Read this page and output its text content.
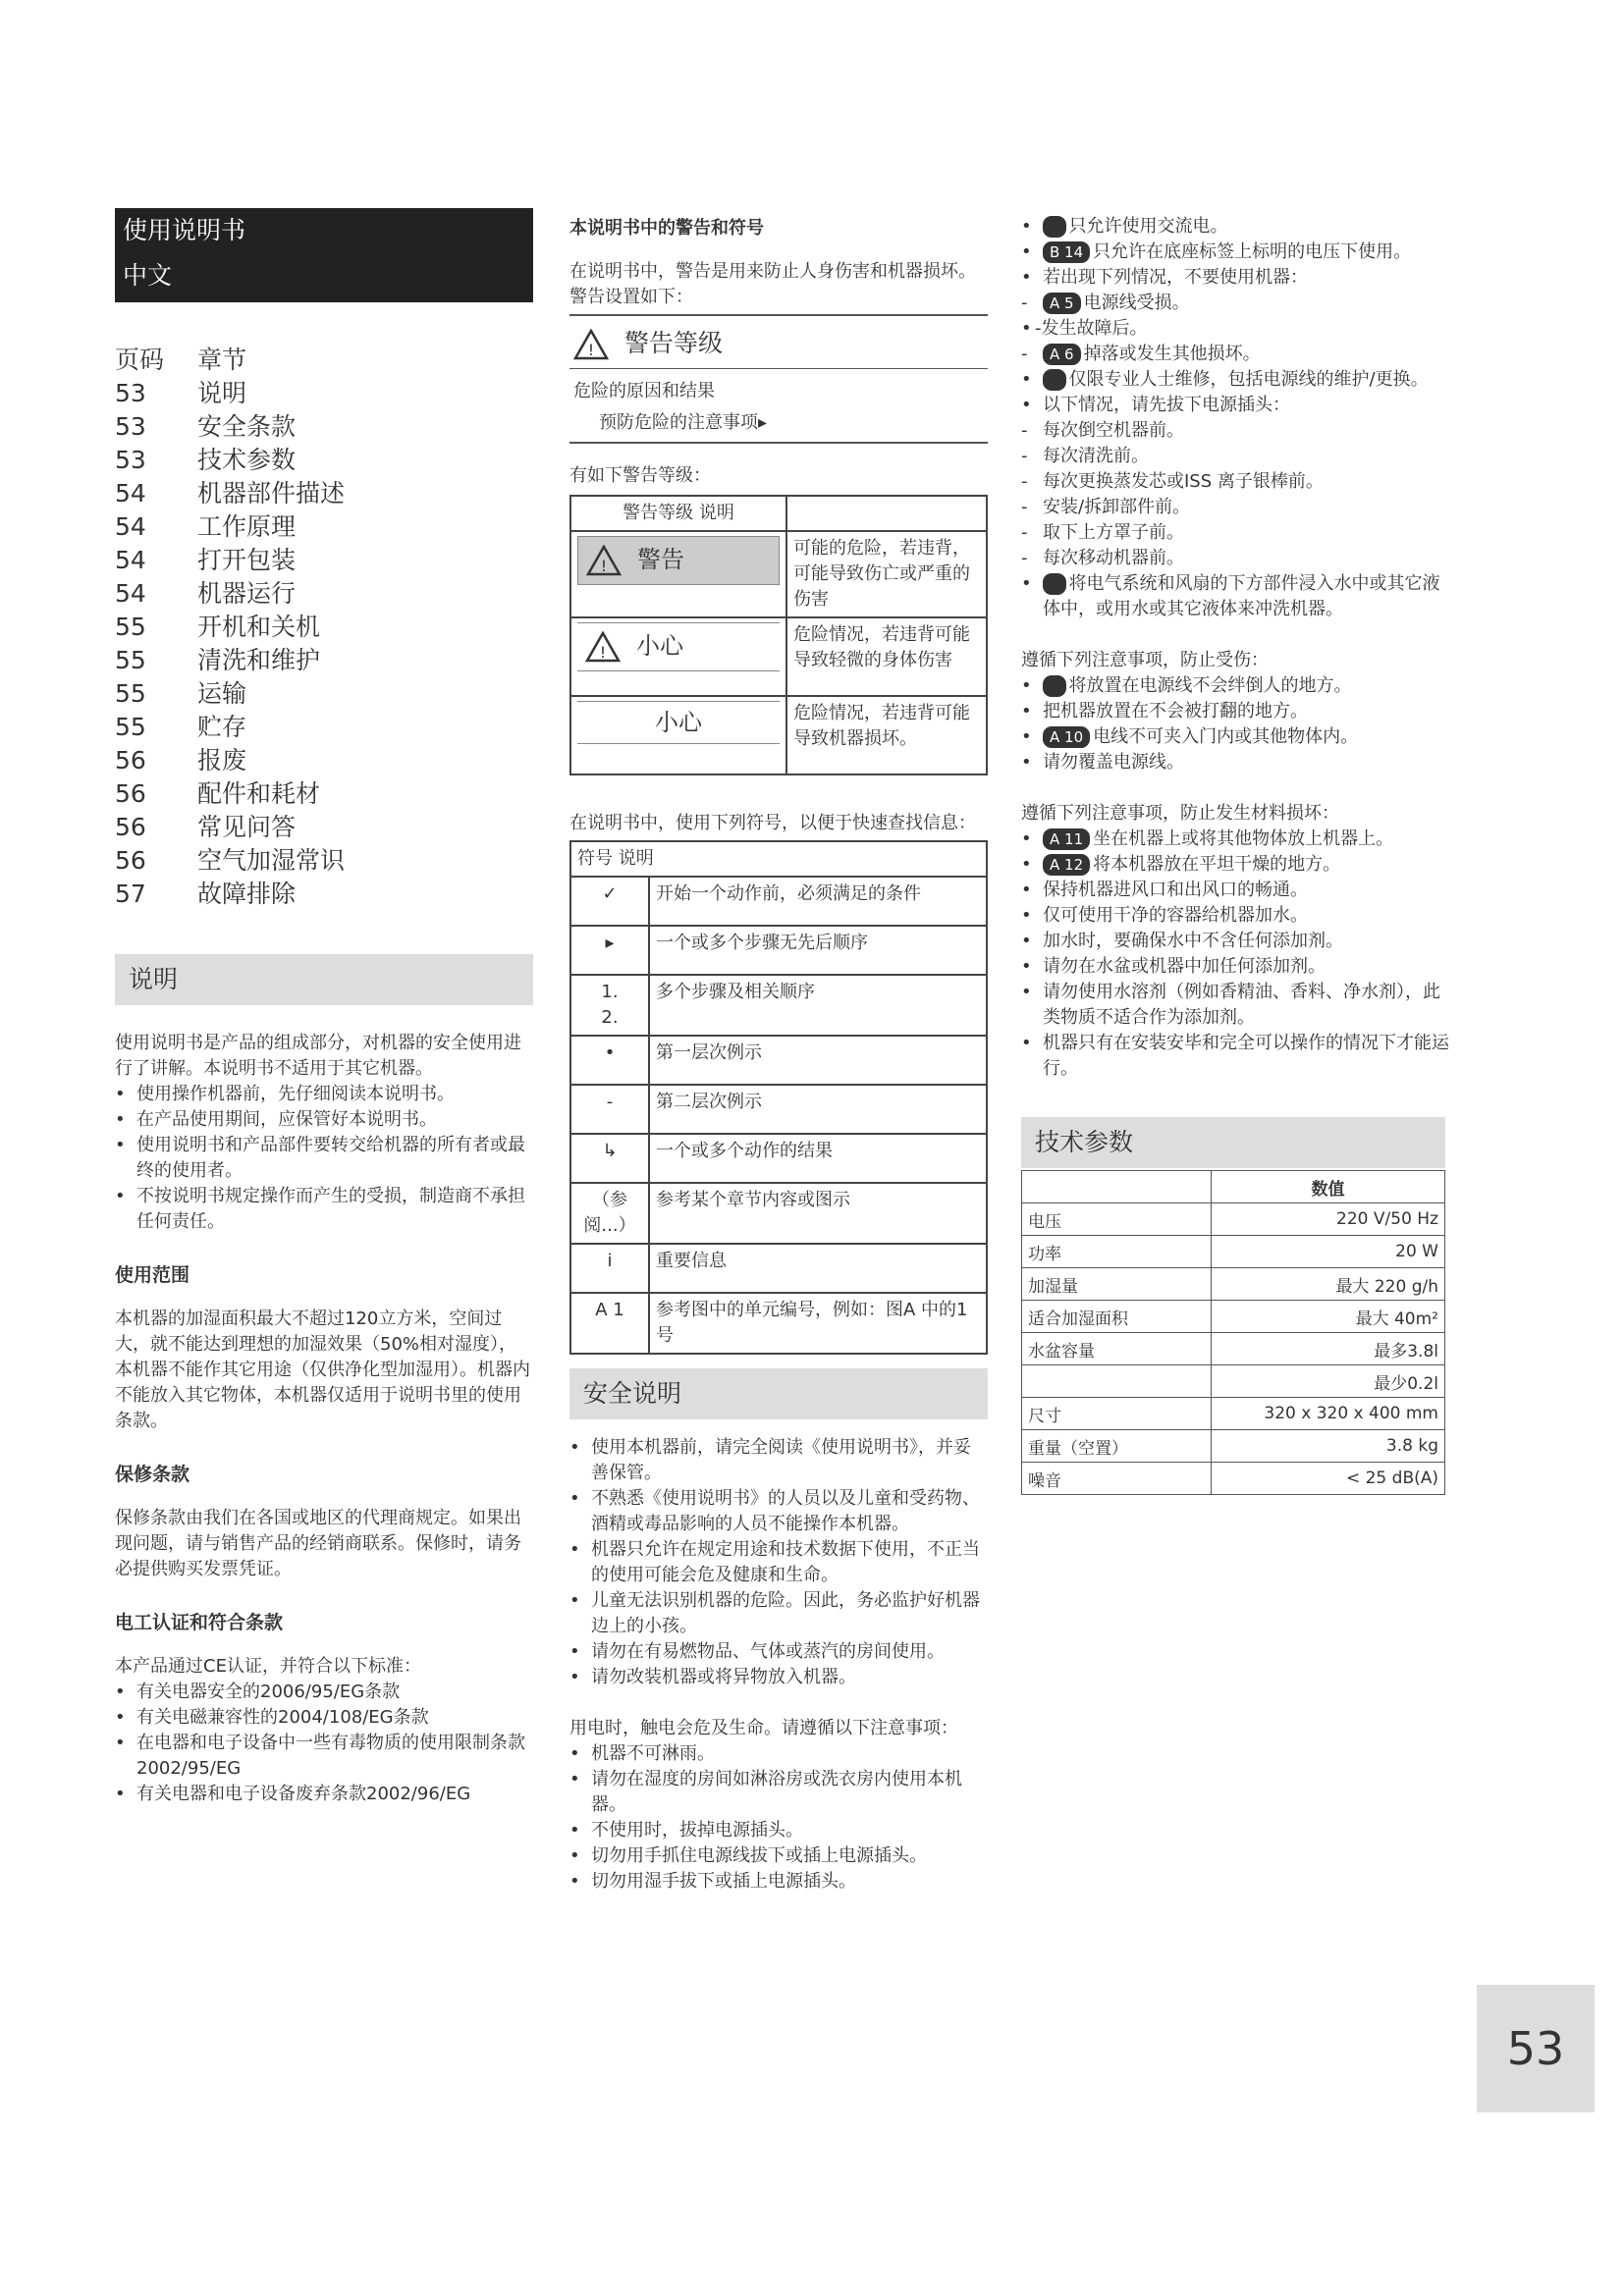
使用说明书
中文
页码	章节
53	说明
53	安全条款
53	技术参数
54	机器部件描述
54	工作原理
54	打开包装
54	机器运行
55	开机和关机
55	清洗和维护
55	运输
55	贮存
56	报废
56	配件和耗材
56	常见问答
56	空气加湿常识
57	故障排除
说明

使用说明书是产品的组成部分，对机器的安全使用进行了讲解。本说明书不适用于其它机器。

• 使用操作机器前，先仔细阅读本说明书。
• 在产品使用期间，应保管好本说明书。
• 使用说明书和产品部件要转交给机器的所有者或最终的使用者。
• 不按说明书规定操作而产生的受损，制造商不承担任何责任。
使用范围

本机器的加湿面积最大不超过120立方米，空间过大，就不能达到理想的加湿效果（50%相对湿度），本机器不能作其它用途（仅供净化型加湿用）。机器内不能放入其它物体，本机器仅适用于说明书里的使用条款。

保修条款

保修条款由我们在各国或地区的代理商规定。如果出现问题，请与销售产品的经销商联系。保修时，请务必提供购买发票凭证。

电工认证和符合条款

本产品通过CE认证，并符合以下标准：

• 有关电器安全的2006/95/EG条款
• 有关电磁兼容性的2004/108/EG条款
• 在电器和电子设备中一些有毒物质的使用限制条款2002/95/EG
• 有关电器和电子设备废弃条款2002/96/EG
本说明书中的警告和符号

在说明书中，警告是用来防止人身伤害和机器损坏。警告设置如下：

! 警告等级
危险的原因和结果
预防危险的注意事项▸

有如下警告等级：

警告等级 说明	

! 警告	可能的危险，若违背，可能导致伤亡或严重的伤害

! 小心	危险情况，若违背可能导致轻微的身体伤害

小心	危险情况，若违背可能导致机器损坏。

在说明书中，使用下列符号，以便于快速查找信息：

符号 说明	
✓	开始一个动作前，必须满足的条件
▸	一个或多个步骤无先后顺序
1.
2.	多个步骤及相关顺序
•	第一层次例示
-	第二层次例示
↳	一个或多个动作的结果
（参阅...）	参考某个章节内容或图示
i	重要信息
A 1	参考图中的单元编号，例如：图A 中的1号
安全说明
• 使用本机器前，请完全阅读《使用说明书》，并妥善保管。
• 不熟悉《使用说明书》的人员以及儿童和受药物、酒精或毒品影响的人员不能操作本机器。
• 机器只允许在规定用途和技术数据下使用，不正当的使用可能会危及健康和生命。
• 儿童无法识别机器的危险。因此，务必监护好机器边上的小孩。
• 请勿在有易燃物品、气体或蒸汽的房间使用。
• 请勿改装机器或将异物放入机器。

用电时，触电会危及生命。请遵循以下注意事项：

• 机器不可淋雨。
• 请勿在湿度的房间如淋浴房或洗衣房内使用本机器。
• 不使用时，拔掉电源插头。
• 切勿用手抓住电源线拔下或插上电源插头。
• 切勿用湿手拔下或插上电源插头。
• 只允许使用交流电。
• B 14 只允许在底座标签上标明的电压下使用。
• 若出现下列情况，不要使用机器：
- A 5 电源线受损。
• -发生故障后。
- A 6 掉落或发生其他损坏。
• 仅限专业人士维修，包括电源线的维护/更换。
• 以下情况，请先拔下电源插头：
- 每次倒空机器前。
- 每次清洗前。
- 每次更换蒸发芯或ISS 离子银棒前。
- 安装/拆卸部件前。
- 取下上方罩子前。
- 每次移动机器前。
• 将电气系统和风扇的下方部件浸入水中或其它液体中，或用水或其它液体来冲洗机器。

遵循下列注意事项，防止受伤：

• 将放置在电源线不会绊倒人的地方。
• 把机器放置在不会被打翻的地方。
• A 10 电线不可夹入门内或其他物体内。
• 请勿覆盖电源线。

遵循下列注意事项，防止发生材料损坏：

• A 11 坐在机器上或将其他物体放上机器上。
• A 12 将本机器放在平坦干燥的地方。
• 保持机器进风口和出风口的畅通。
• 仅可使用干净的容器给机器加水。
• 加水时，要确保水中不含任何添加剂。
• 请勿在水盆或机器中加任何添加剂。
• 请勿使用水溶剂（例如香精油、香料、净水剂），此类物质不适合作为添加剂。
• 机器只有在安装安毕和完全可以操作的情况下才能运行。
技术参数
	数值
电压	220 V/50 Hz
功率	20 W
加湿量	最大 220 g/h
适合加湿面积	最大 40m²
水盆容量	最多3.8l
	最少0.2l
尺寸	320 x 320 x 400 mm
重量（空置）	3.8 kg
噪音	< 25 dB(A)
53
